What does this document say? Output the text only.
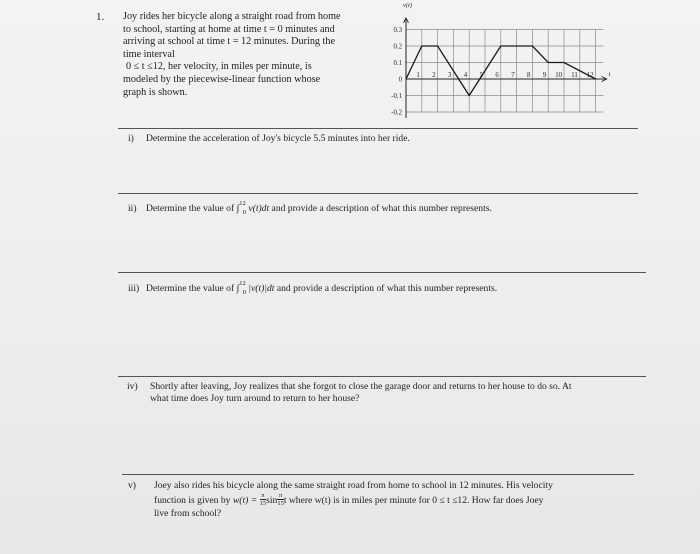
1. Joy rides her bicycle along a straight road from home

to school, starting at home at time t = 0 minutes and

arriving at school at time t = 12 minutes. During the

time interval

0 ≤ t ≤12, her velocity, in miles per minute, is

modeled by the piecewise-linear function whose

graph is shown.

v(t)
t
0.3
0.2
0.1
0
-0.1
-0.2
1 2 3 4 5 6 7 8 9 10 11 12
i) Determine the acceleration of Joy's bicycle 5.5 minutes into her ride.
ii) Determine the value of ∫$^{12}_0$ v(t)dt and provide a description of what this number represents.
iii) Determine the value of ∫$^{12}_0$ |v(t)|dt and provide a description of what this number represents.
iv) Shortly after leaving, Joy realizes that she forgot to close the garage door and returns to her house to do so. At
what time does Joy turn around to return to her house?
v) Joey also rides his bicycle along the same straight road from home to school in 12 minutes. His velocity
function is given by $w(t) = \frac{\pi}{15}$ $\sin \frac{\pi}{15}$ t where w(t) is in miles per minute for 0 ≤ t ≤12. How far does Joey
live from school?
